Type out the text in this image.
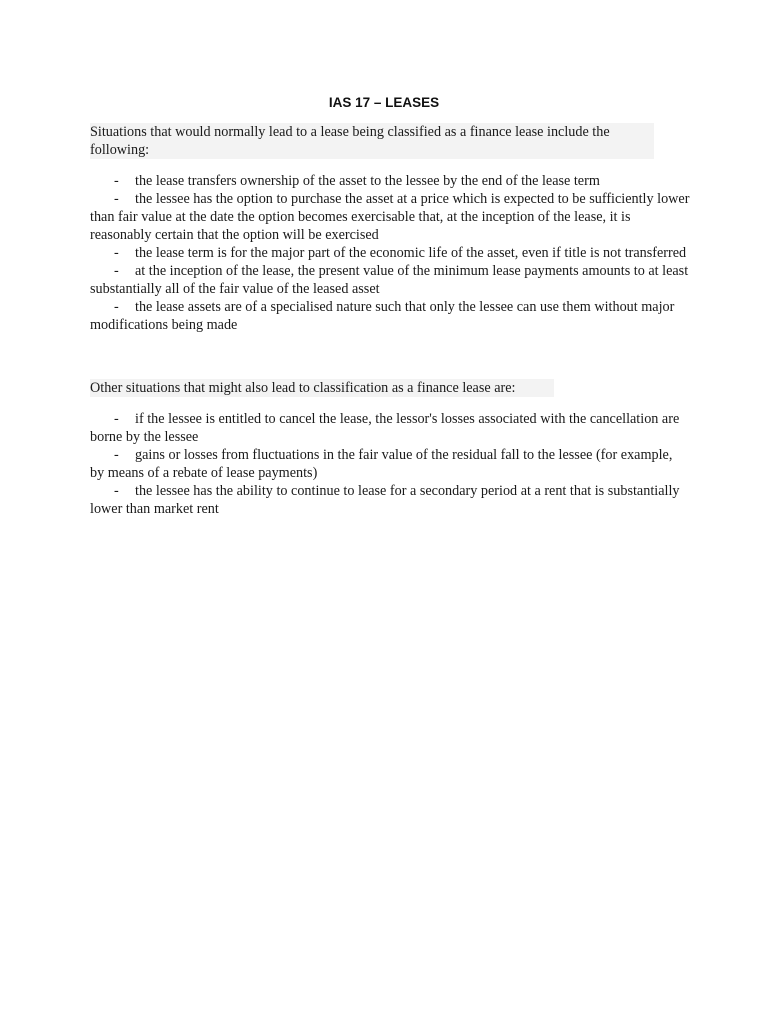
IAS 17 – LEASES

Situations that would normally lead to a lease being classified as a finance lease include the following:

- the lease transfers ownership of the asset to the lessee by the end of the lease term

- the lessee has the option to purchase the asset at a price which is expected to be sufficiently lower than fair value at the date the option becomes exercisable that, at the inception of the lease, it is reasonably certain that the option will be exercised

- the lease term is for the major part of the economic life of the asset, even if title is not transferred

- at the inception of the lease, the present value of the minimum lease payments amounts to at least substantially all of the fair value of the leased asset

- the lease assets are of a specialised nature such that only the lessee can use them without major modifications being made

Other situations that might also lead to classification as a finance lease are:

- if the lessee is entitled to cancel the lease, the lessor's losses associated with the cancellation are borne by the lessee

- gains or losses from fluctuations in the fair value of the residual fall to the lessee (for example, by means of a rebate of lease payments)

- the lessee has the ability to continue to lease for a secondary period at a rent that is substantially lower than market rent
